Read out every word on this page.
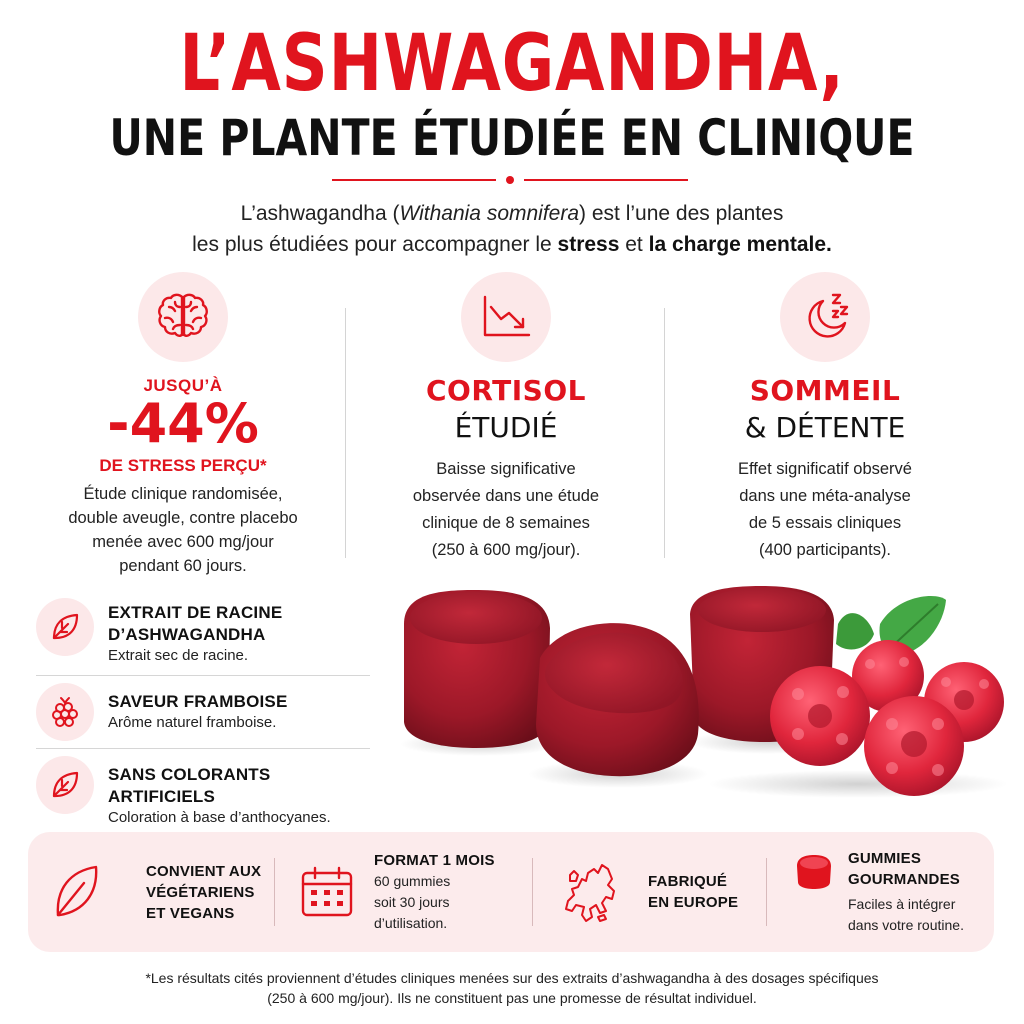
L’ASHWAGANDHA,
UNE PLANTE ÉTUDIÉE EN CLINIQUE
L’ashwagandha (Withania somnifera) est l’une des plantes
les plus étudiées pour accompagner le stress et la charge mentale.
JUSQU’À
-44%
DE STRESS PERÇU*
Étude clinique randomisée,
double aveugle, contre placebo
menée avec 600 mg/jour
pendant 60 jours.
CORTISOL
ÉTUDIÉ
Baisse significative
observée dans une étude
clinique de 8 semaines
(250 à 600 mg/jour).
SOMMEIL
& DÉTENTE
Effet significatif observé
dans une méta-analyse
de 5 essais cliniques
(400 participants).
EXTRAIT DE RACINE
D’ASHWAGANDHA
Extrait sec de racine.
SAVEUR FRAMBOISE
Arôme naturel framboise.
SANS COLORANTS ARTIFICIELS
Coloration à base d’anthocyanes.
CONVIENT AUX
VÉGÉTARIENS
ET VEGANS
FORMAT 1 MOIS
60 gummies
soit 30 jours
d’utilisation.
FABRIQUÉ
EN EUROPE
GUMMIES
GOURMANDES
Faciles à intégrer
dans votre routine.
*Les résultats cités proviennent d’études cliniques menées sur des extraits d’ashwagandha à des dosages spécifiques
(250 à 600 mg/jour). Ils ne constituent pas une promesse de résultat individuel.
